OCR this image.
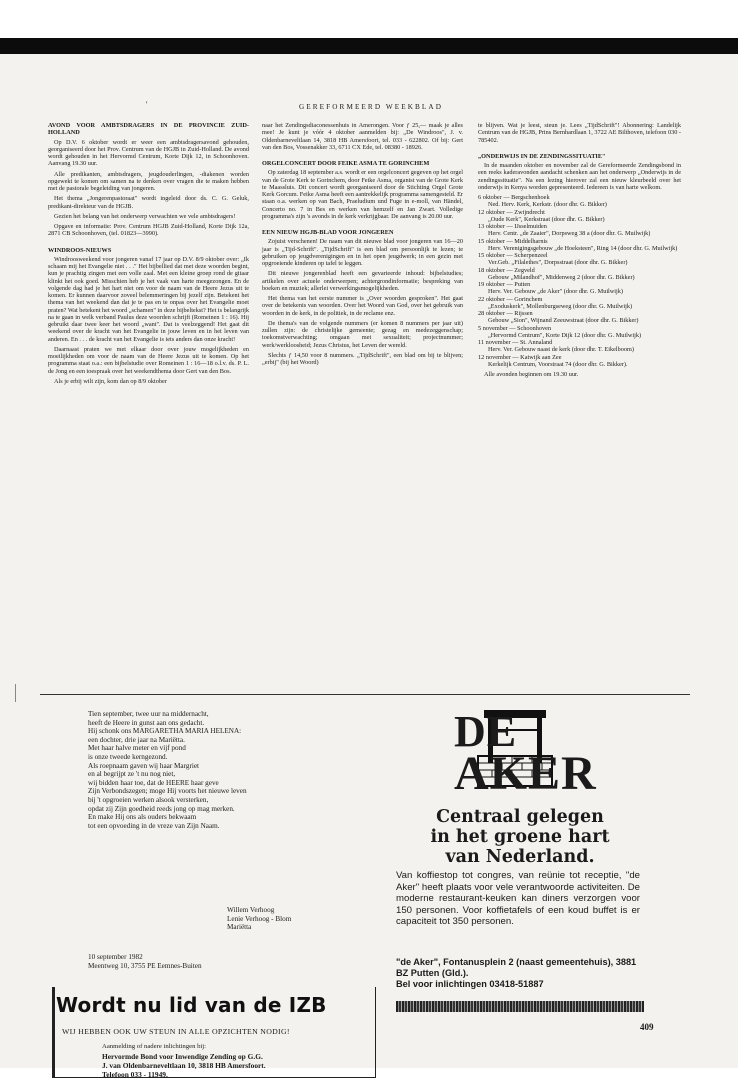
'	GEREFORMEERD WEEKBLAD
AVOND VOOR AMBTSDRAGERS IN DE PROVINCIE ZUID-HOLLAND

Op D.V. 6 oktober wordt er weer een ambtsdragersavond gehouden, georganiseerd door het Prov. Centrum van de HGJB in Zuid-Holland. De avond wordt gehouden in het Hervormd Centrum, Korte Dijk 12, in Schoonhoven. Aanvang 19.30 uur.

Alle predikanten, ambtsdragers, jeugdouderlingen, -diakenen worden opgewekt te komen om samen na te denken over vragen die te maken hebben met de pastorale begeleiding van jongeren.

Het thema „Jongerenpastoraat" wordt ingeleid door ds. C. G. Geluk, predikant-direkteur van de HGJB.

Gezien het belang van het onderwerp verwachten we vele ambtsdragers!

Opgave en informatie: Prov. Centrum HGJB Zuid-Holland, Korte Dijk 12a, 2871 CB Schoonhoven, (tel. 01823—3990).

WINDROOS-NIEUWS

Windroosweekend voor jongeren vanaf 17 jaar op D.V. 8/9 oktober over: „Ik schaam mij het Evangelie niet . . ." Het bijbellied dat met deze woorden begint, kun je prachtig zingen met een volle zaal. Met een kleine groep rond de gitaar klinkt het ook goed. Misschien heb je het vaak van harte meegezongen. En de volgende dag had je het hart niet om voor de naam van de Heere Jezus uit te komen. Er kunnen daarvoor zoveel belemmeringen bij jezelf zijn. Betekent het thema van het weekend dan dat je te pas en te onpas over het Evangelie moet praten? Wat betekent het woord „schamen" in deze bijbeltekst? Het is belangrijk na te gaan in welk verband Paulus deze woorden schrijft (Romeinen 1 : 16). Hij gebruikt daar twee keer het woord „want". Dat is veelzeggend! Het gaat dit weekend over de kracht van het Evangelie in jouw leven en in het leven van anderen. En . . . de kracht van het Evangelie is iets anders dan onze kracht!

Daarnaast praten we met elkaar door over jouw mogelijkheden en moeilijkheden om voor de naam van de Heere Jezus uit te komen. Op het programma staat o.a.: een bijbelstudie over Romeinen 1 : 16—18 o.l.v. ds. P. L. de Jong en een toespraak over het weekendthema door Gert van den Bos.

Als je erbij wilt zijn, kom dan op 8/9 oktober

naar het Zendingsdiaconessenhuis in Amerongen. Voor ƒ 25,— maak je alles mee! Je kunt je vóór 4 oktober aanmelden bij: „De Windroos", J. v. Oldenbarneveltlaan 14, 3818 HB Amersfoort, tel. 033 - 622802. Of bij: Gert van den Bos, Vossenakker 33, 6711 CX Ede, tel. 08380 - 18926.

ORGELCONCERT DOOR FEIKE ASMA TE GORINCHEM

Op zaterdag 18 september a.s. wordt er een orgelconcert gegeven op het orgel van de Grote Kerk te Gorinchem, door Feike Asma, organist van de Grote Kerk te Maassluis. Dit concert wordt georganiseerd door de Stichting Orgel Grote Kerk Gorcum. Feike Asma heeft een aantrekkelijk programma samengesteld. Er staan o.a. werken op van Bach, Praeludium und Fuge in e-moll, van Händel, Concerto no. 7 in Bes en werken van hemzelf en Jan Zwart. Volledige programma's zijn 's avonds in de kerk verkrijgbaar. De aanvang is 20.00 uur.

EEN NIEUW HGJB-BLAD VOOR JONGEREN

Zojuist verschenen! De naam van dit nieuwe blad voor jongeren van 16—20 jaar is „Tijd-Schrift". „TijdSchrift" is een blad om persoonlijk te lezen; te gebruiken op jeugdverenigingen en in het open jeugdwerk; in een gezin met opgroeiende kinderen op tafel te leggen.

Dit nieuwe jongerenblad heeft een gevarieerde inhoud: bijbelstudies; artikelen over actuele onderwerpen; achtergrondinformatie; bespreking van boeken en muziek; allerlei verwerkingsmogelijkheden.

Het thema van het eerste nummer is „Over woorden gesproken". Het gaat over de betekenis van woorden. Over het Woord van God, over het gebruik van woorden in de kerk, in de politiek, in de reclame enz.

De thema's van de volgende nummers (er komen 8 nummers per jaar uit) zullen zijn: de christelijke gemeente; gezag en medezeggenschap; toekomstverwachting; omgaan met sexualiteit; projectnummer; werk/werkloosheid; Jezus Christus, het Leven der wereld.

Slechts ƒ 14,50 voor 8 nummers. „TijdSchrift", een blad om bij te blijven; „erbij" (bij het Woord)

te blijven. Wat je leest, steun je. Lees „TijdSchrift"! Abonnering: Landelijk Centrum van de HGJB, Prins Bernhardlaan 1, 3722 AE Bilthoven, telefoon 030 - 785402.

„ONDERWIJS IN DE ZENDINGSSITUATIE"

In de maanden oktober en november zal de Gereformeerde Zendingsbond in een reeks kaderavonden aandacht schenken aan het onderwerp „Onderwijs in de zendingssituatie". Na een lezing hierover zal een nieuw kleurbeeld over het onderwijs in Kenya worden gepresenteerd. Iedereen is van harte welkom.

6 oktober — Bergschenhoek
Ned. Herv. Kerk, Kerkstr. (door dhr. G. Bikker)
12 oktober — Zwijndrecht
„Oude Kerk", Kerkstraat (door dhr. G. Bikker)
13 oktober — IJsselmuiden
Herv. Centr. „de Zaaier", Dorpsweg 38 a (door dhr. G. Muilwijk)
15 oktober — Middelharnis
Herv. Verenigingsgebouw „de Hoeksteen", Ring 14 (door dhr. G. Muilwijk)
15 oktober — Scherpenzeel
Ver.Geb. „Filalethes", Dorpsstraat (door dhr. G. Bikker)
18 oktober — Zegveld
Gebouw „Milandhof", Middenweg 2 (door dhr. G. Bikker)
19 oktober — Putten
Herv. Ver. Gebouw „de Aker" (door dhr. G. Muilwijk)
22 oktober — Gorinchem
„Exoduskerk", Mollenburgseweg (door dhr. G. Muilwijk)
28 oktober — Rijssen
Gebouw „Sion", Wijnand Zeeuwstraat (door dhr. G. Bikker)
5 november — Schoonhoven
„Hervormd Centrum", Korte Dijk 12 (door dhr. G. Muilwijk)
11 november — St. Annaland
Herv. Ver. Gebouw naast de kerk (door dhr. T. Eikelboom)
12 november — Katwijk aan Zee
Kerkelijk Centrum, Voorstraat 74 (door dhr. G. Bikker).

Alle avonden beginnen om 19.30 uur.

Tien september, twee uur na middernacht,
heeft de Heere in gunst aan ons gedacht.
Hij schonk ons MARGARETHA MARIA HELENA:
een dochter, drie jaar na Mariëtta.
Met haar halve meter en vijf pond
is onze tweede kerngezond.
Als roepnaam gaven wij haar Margriet
en al begrijpt ze 't nu nog niet,
wij bidden haar toe, dat de HEERE haar geve
Zijn Verbondszegen; moge Hij voorts het nieuwe leven
bij 't opgroeien werken alsook versterken,
opdat zij Zijn goedheid reeds jong op mag merken.
En make Hij ons als ouders bekwaam
tot een opvoeding in de vreze van Zijn Naam.
Willem Verhoog
Lenie Verhoog - Blom
Mariëtta
10 september 1982
Meentweg 10, 3755 PE Eemnes-Buiten
Wordt nu lid van de IZB
WIJ HEBBEN OOK UW STEUN IN ALLE OPZICHTEN NODIG!
Aanmelding of nadere inlichtingen bij:
Hervormde Bond voor Inwendige Zending op G.G.
J. van Oldenbarneveltlaan 10, 3818 HB Amersfoort.
Telefoon 033 - 11949.
DE
AKER
Centraal gelegen
in het groene hart
van Nederland.
Van koffiestop tot congres, van reünie tot receptie, "de Aker" heeft plaats voor vele verantwoorde activiteiten. De moderne restaurant-keuken kan diners verzorgen voor 150 personen. Voor koffietafels of een koud buffet is er capaciteit tot 350 personen.
"de Aker", Fontanusplein 2 (naast gemeentehuis), 3881 BZ Putten (Gld.).
Bel voor inlichtingen 03418-51887
409
